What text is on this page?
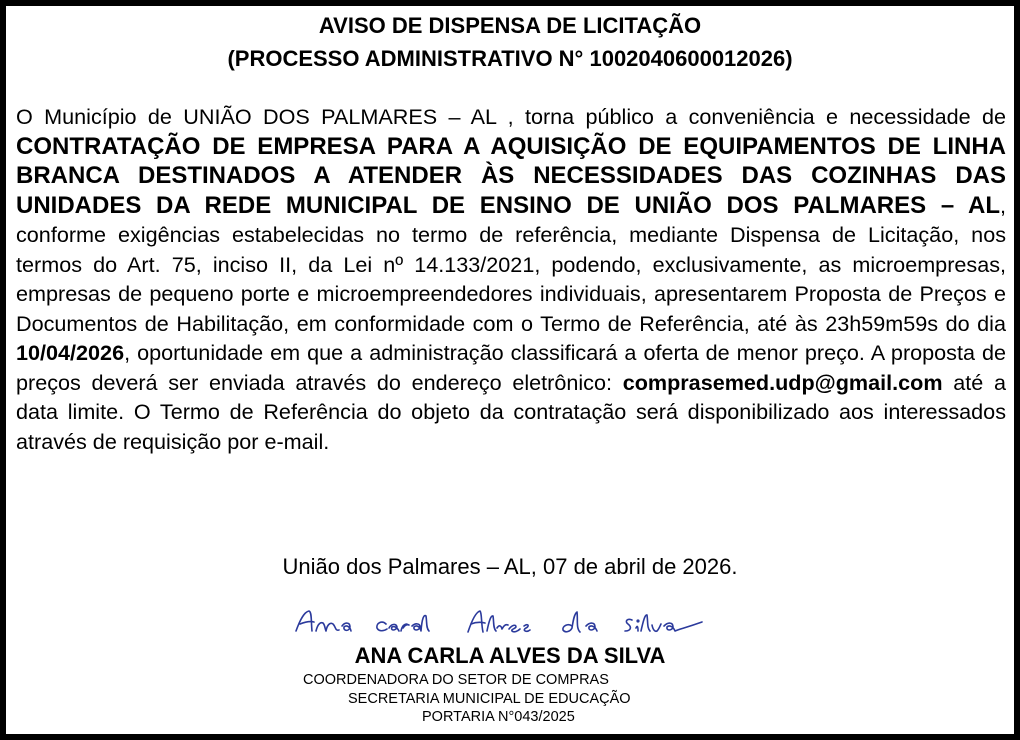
AVISO DE DISPENSA DE LICITAÇÃO
(PROCESSO ADMINISTRATIVO N° 1002040600012026)
O Município de UNIÃO DOS PALMARES – AL , torna público a conveniência e necessidade de CONTRATAÇÃO DE EMPRESA PARA A AQUISIÇÃO DE EQUIPAMENTOS DE LINHA BRANCA DESTINADOS A ATENDER ÀS NECESSIDADES DAS COZINHAS DAS UNIDADES DA REDE MUNICIPAL DE ENSINO DE UNIÃO DOS PALMARES – AL, conforme exigências estabelecidas no termo de referência, mediante Dispensa de Licitação, nos termos do Art. 75, inciso II, da Lei nº 14.133/2021, podendo, exclusivamente, as microempresas, empresas de pequeno porte e microempreendedores individuais, apresentarem Proposta de Preços e Documentos de Habilitação, em conformidade com o Termo de Referência, até às 23h59m59s do dia 10/04/2026, oportunidade em que a administração classificará a oferta de menor preço. A proposta de preços deverá ser enviada através do endereço eletrônico: comprasemed.udp@gmail.com até a data limite. O Termo de Referência do objeto da contratação será disponibilizado aos interessados através de requisição por e-mail.
União dos Palmares – AL, 07 de abril de 2026.
ANA CARLA ALVES DA SILVA
COORDENADORA DO SETOR DE COMPRAS
SECRETARIA MUNICIPAL DE EDUCAÇÃO
PORTARIA N°043/2025
